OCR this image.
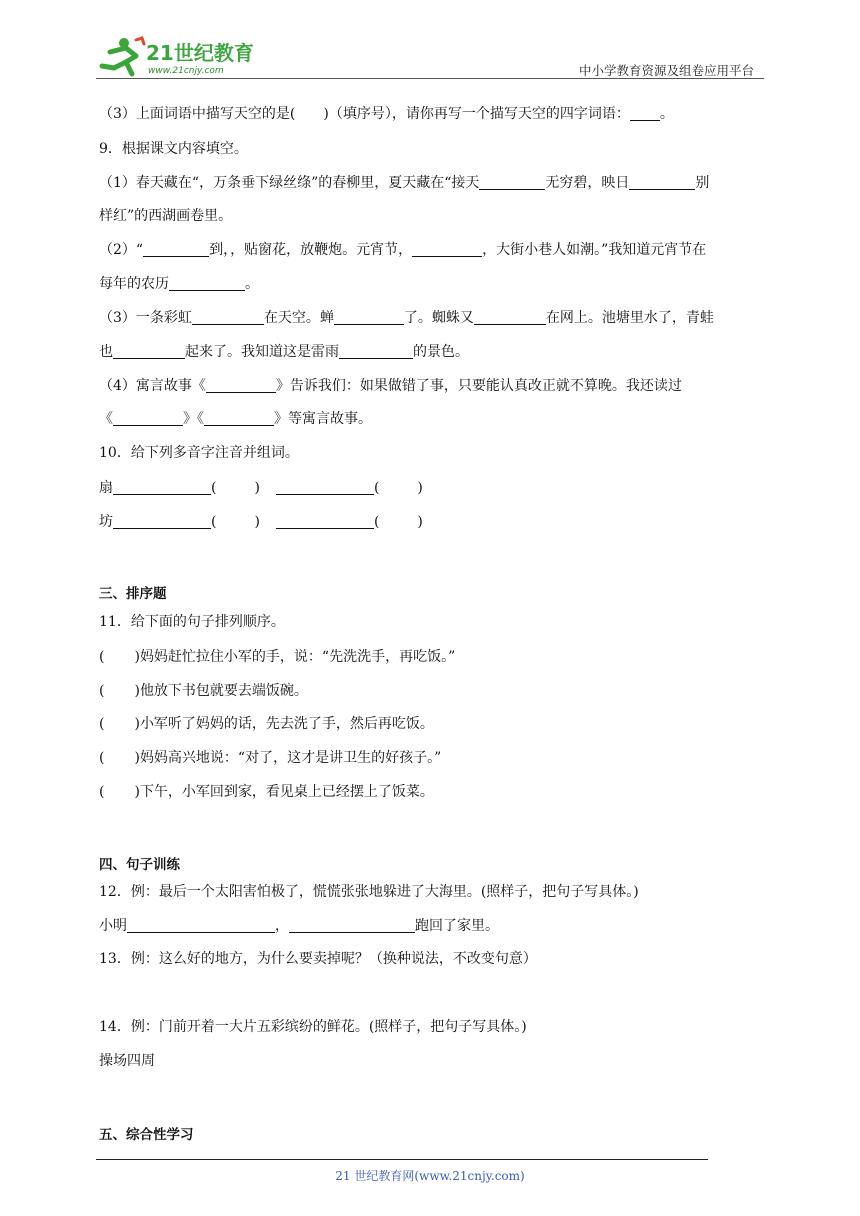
21世纪教育
www.21cnjy.com	中小学教育资源及组卷应用平台
（3）上面词语中描写天空的是( )（填序号），请你再写一个描写天空的四字词语： 。
9．根据课文内容填空。
（1）春天藏在“，万条垂下绿丝绦”的春柳里，夏天藏在“接天	无穷碧，映日	别
样红”的西湖画卷里。
（2）“	到，，贴窗花，放鞭炮。元宵节，	，大街小巷人如潮。”我知道元宵节在
每年的农历	。
（3）一条彩虹	在天空。蝉	了。蜘蛛又	在网上。池塘里水了，青蛙
也	起来了。我知道这是雷雨	的景色。
（4）寓言故事《	》告诉我们：如果做错了事，只要能认真改正就不算晚。我还读过
《	》《	》等寓言故事。
10．给下列多音字注音并组词。
扇	(	)	(	)
坊	(	)	(	)
三、排序题
11．给下面的句子排列顺序。
( )妈妈赶忙拉住小军的手，说：“先洗洗手，再吃饭。”
( )他放下书包就要去端饭碗。
( )小军听了妈妈的话，先去洗了手，然后再吃饭。
( )妈妈高兴地说：“对了，这才是讲卫生的好孩子。”
( )下午，小军回到家，看见桌上已经摆上了饭菜。
四、句子训练
12．例：最后一个太阳害怕极了，慌慌张张地躲进了大海里。(照样子，把句子写具体。)
小明	，	跑回了家里。
13．例：这么好的地方，为什么要卖掉呢？（换种说法，不改变句意）
14．例：门前开着一大片五彩缤纷的鲜花。(照样子，把句子写具体。)
操场四周
五、综合性学习
21 世纪教育网(www.21cnjy.com)
